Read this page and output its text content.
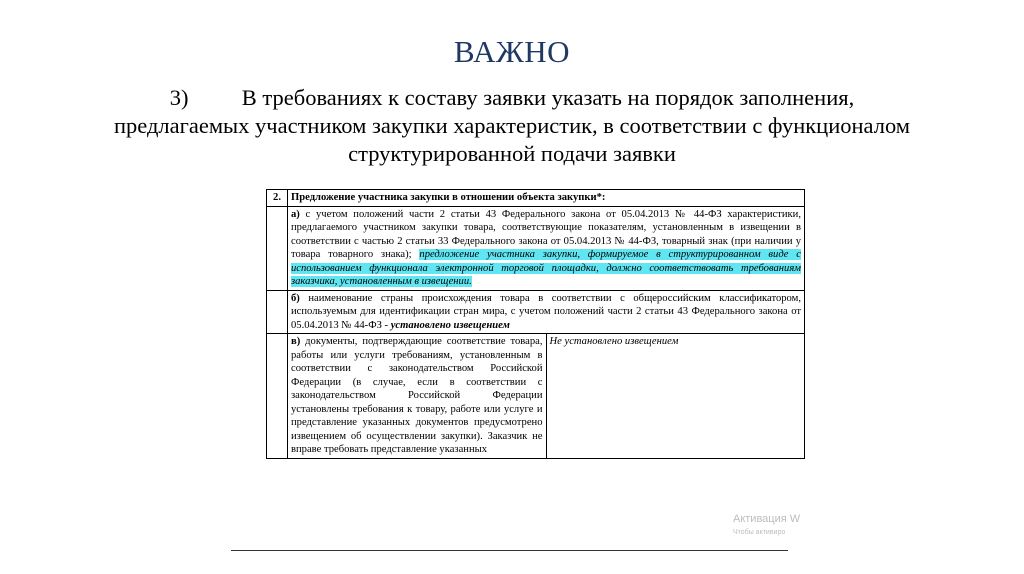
ВАЖНО
3) В требованиях к составу заявки указать на порядок заполнения,
предлагаемых участником закупки характеристик, в соответствии с функционалом
структурированной подачи заявки
2.	Предложение участника закупки в отношении объекта закупки*:	
	а) с учетом положений части 2 статьи 43 Федерального закона от 05.04.2013 № 44-ФЗ характеристики, предлагаемого участником закупки товара, соответствующие показателям, установленным в извещении в соответствии с частью 2 статьи 33 Федерального закона от 05.04.2013 № 44-ФЗ, товарный знак (при наличии у товара товарного знака); предложение участника закупки, формируемое в структурированном виде с использованием функционала электронной торговой площадки, должно соответствовать требованиям заказчика, установленным в извещении.	
	б) наименование страны происхождения товара в соответствии с общероссийским классификатором, используемым для идентификации стран мира, с учетом положений части 2 статьи 43 Федерального закона от 05.04.2013 № 44-ФЗ - установлено извещением	
	в) документы, подтверждающие соответствие товара, работы или услуги требованиям, установленным в соответствии с законодательством Российской Федерации (в случае, если в соответствии с законодательством Российской Федерации установлены требования к товару, работе или услуге и представление указанных документов предусмотрено извещением об осуществлении закупки). Заказчик не вправе требовать представление указанных	Не установлено извещением
Активация W
Чтобы активиро
